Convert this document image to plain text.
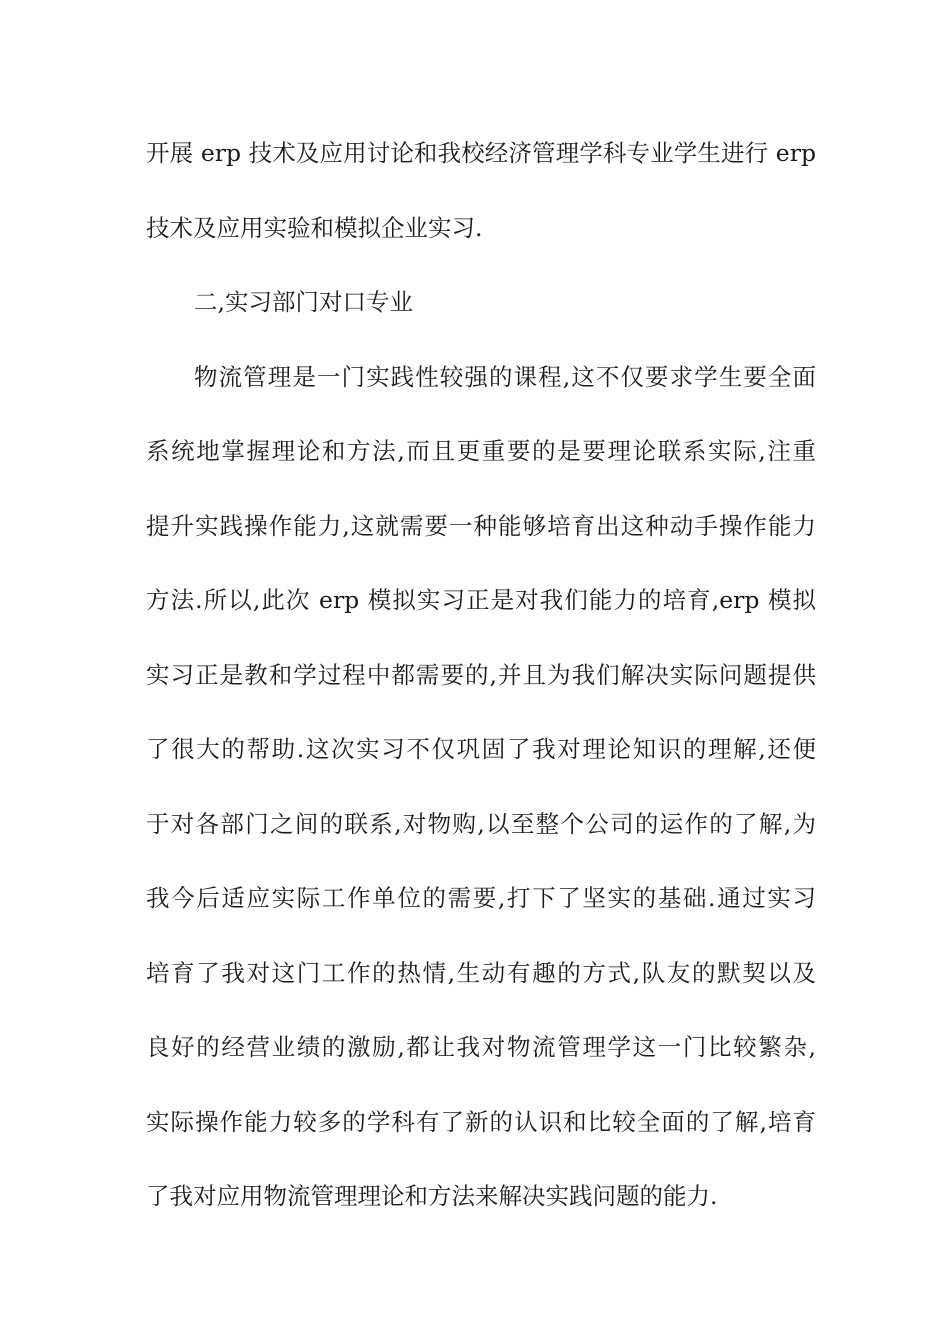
开展 erp 技术及应用讨论和我校经济管理学科专业学生进行 erp
技术及应用实验和模拟企业实习.
二,实习部门对口专业
物流管理是一门实践性较强的课程,这不仅要求学生要全面
系统地掌握理论和方法,而且更重要的是要理论联系实际,注重
提升实践操作能力,这就需要一种能够培育出这种动手操作能力
方法.所以,此次 erp 模拟实习正是对我们能力的培育,erp 模拟
实习正是教和学过程中都需要的,并且为我们解决实际问题提供
了很大的帮助.这次实习不仅巩固了我对理论知识的理解,还便
于对各部门之间的联系,对物购,以至整个公司的运作的了解,为
我今后适应实际工作单位的需要,打下了坚实的基础.通过实习
培育了我对这门工作的热情,生动有趣的方式,队友的默契以及
良好的经营业绩的激励,都让我对物流管理学这一门比较繁杂,
实际操作能力较多的学科有了新的认识和比较全面的了解,培育
了我对应用物流管理理论和方法来解决实践问题的能力.
